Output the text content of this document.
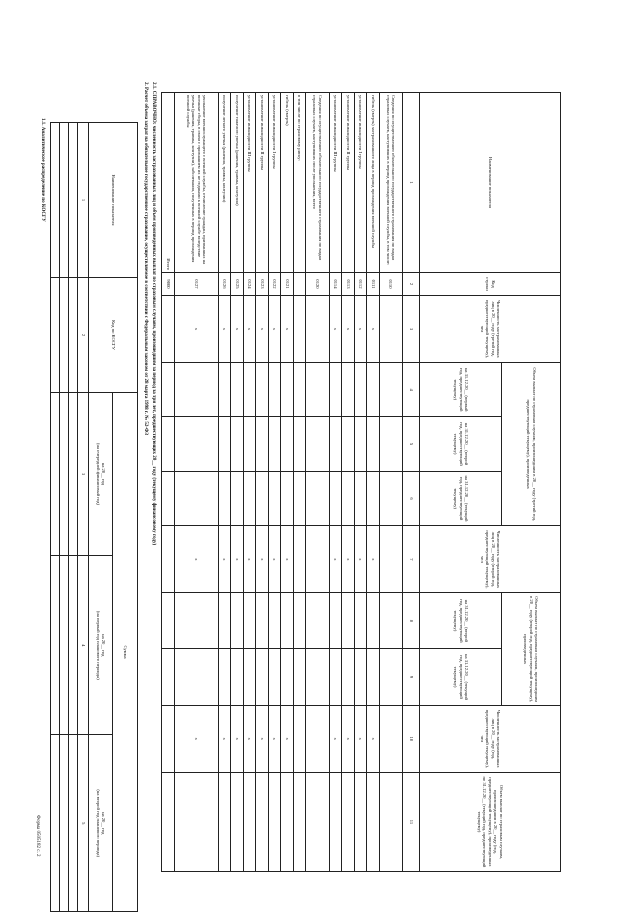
Форма 0505182 с. 2
1.1. Аналитическое распределение по КОСГУ	Наименование показателя	Код по КОСГУ	Сумма		
		на 20__ год
(на очередной финансовый год)	на 20__ год
(на первый год планового периода)	на 20__ год
(на второй год планового периода)
1	2	3	4	5

2. Расчет объема затрат на обязательное государственное страхование, осуществляемое в соответствии с Федеральным законом от 28 марта 1998 г. № 52-ФЗ 2.1. СПРАВОЧНО: численность застрахованных лиц и объем произведенных выплат по страховым случаям, произошедшим за период за три лет, предшествующих 20__ году (текущему финансовому году)	Наименование показателя	Код строки	Численность застрахованных лиц в 20__ году (третий год, предшествующий текущему), чел	Объем выплат по страховым случаям, произошедшим в 20__ году (третий год, предшествующий текущему), произведенных			Численность застрахованных лиц в 20__ году (второй год, предшествующий текущему), чел	Объем выплат по страховым случаям, произошедшим в 20__ году (второй год, предшествующий текущему), произведенных		Численность застрахованных лиц в 20__ году (год, предшествующий текущему), чел	Объем выплат по страховым случаям, произошедшим в 20__ году (год, предшествующий текущему), произведенных по 31.12.20__ (текущий год, предшествующий текущему)
			на 31.12.20__ (первый год, предшествующий текущему)	на 31.12.20__ (второй год, предшествующий текущему)	на 31.12.20__ (текущий год, предшествующий текущему)		на 31.12.20__ (второй год, предшествующий текущему)	на 31.12.20__ (текущий год, предшествующий текущему)		
1	2	3	4	5	6	7	8	9	10	11
Сведения по осуществлению обязательного государственного страхования по видам страховых случаев, наступивших в период прохождения военной службы, в том числе:	0110									
гибель (смерть) застрахованного лица в период прохождения военной службы	0111	x				x			x	
установление инвалидности I группы	0112	x				x			x	
установление инвалидности II группы	0113	x				x			x	
установление инвалидности III группы	0114	x				x			x	
Сведения по осуществлению обязательного государственного страхования по видам страховых случаев, наступивших после увольнения, всего	0120									
в том числе по страховому риску:										
гибель (смерть)	0121	x				x			x	
установление инвалидности I группы	0122	x				x			x	
установление инвалидности II группы	0123	x				x			x	
установление инвалидности III группы	0124	x				x			x	
получение тяжелого увечья (ранения, травмы, контузии)	0125	x				x			x	
получение легкого увечья (ранения, травмы, контузии)	0126	x				x			x	
увольнение военнослужащего с военной службы, отчисление граждан, призванных на военные сборы, в связи с признанием их не годными к военной службе вследствие увечья (ранения, травмы, контузии), заболевания, полученных в период прохождения военной службы	0127	x				x			x	
Итого	9000									
